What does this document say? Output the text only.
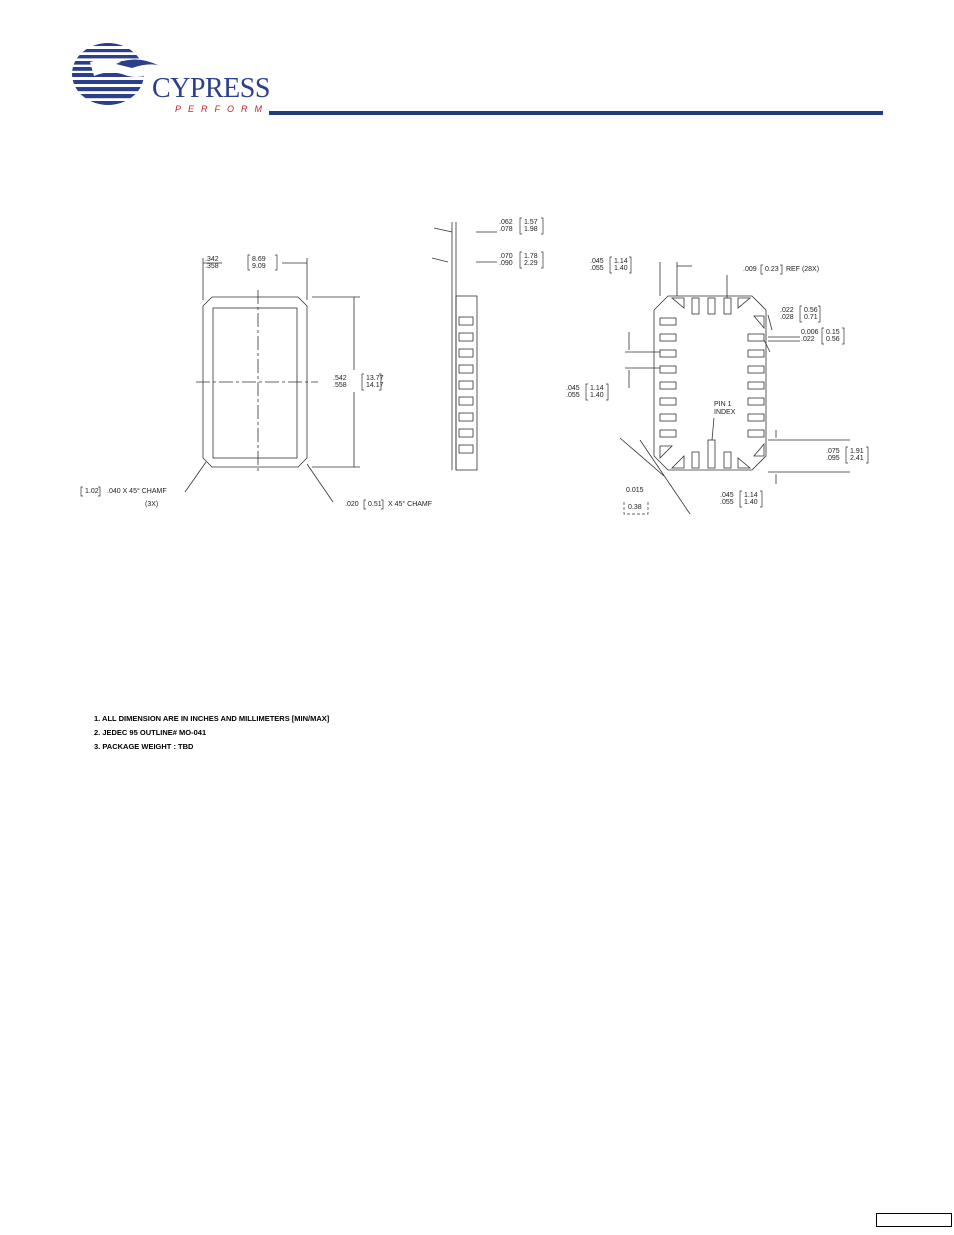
CYPRESS
PERFORM
.342
.358
8.69
9.09
.542
.558
13.77
14.17
1.02 .040 X 45° CHAMF
(3X)	.020 0.51 X 45° CHAMF
.062
.078
1.57
1.98
.070
.090
1.78
2.29	.045
.055
1.14
1.40	.009 0.23 REF (28X)
.022
.028
0.56
0.71
0.006
.022
0.15
0.56
.045
.055
1.14
1.40
PIN 1
INDEX
.075
.095
1.91
2.41
.045
.055
1.14
1.40
0.015
0.38
1. ALL DIMENSION ARE IN INCHES AND MILLIMETERS [MIN/MAX]
2. JEDEC 95 OUTLINE# MO-041
3. PACKAGE WEIGHT : TBD
